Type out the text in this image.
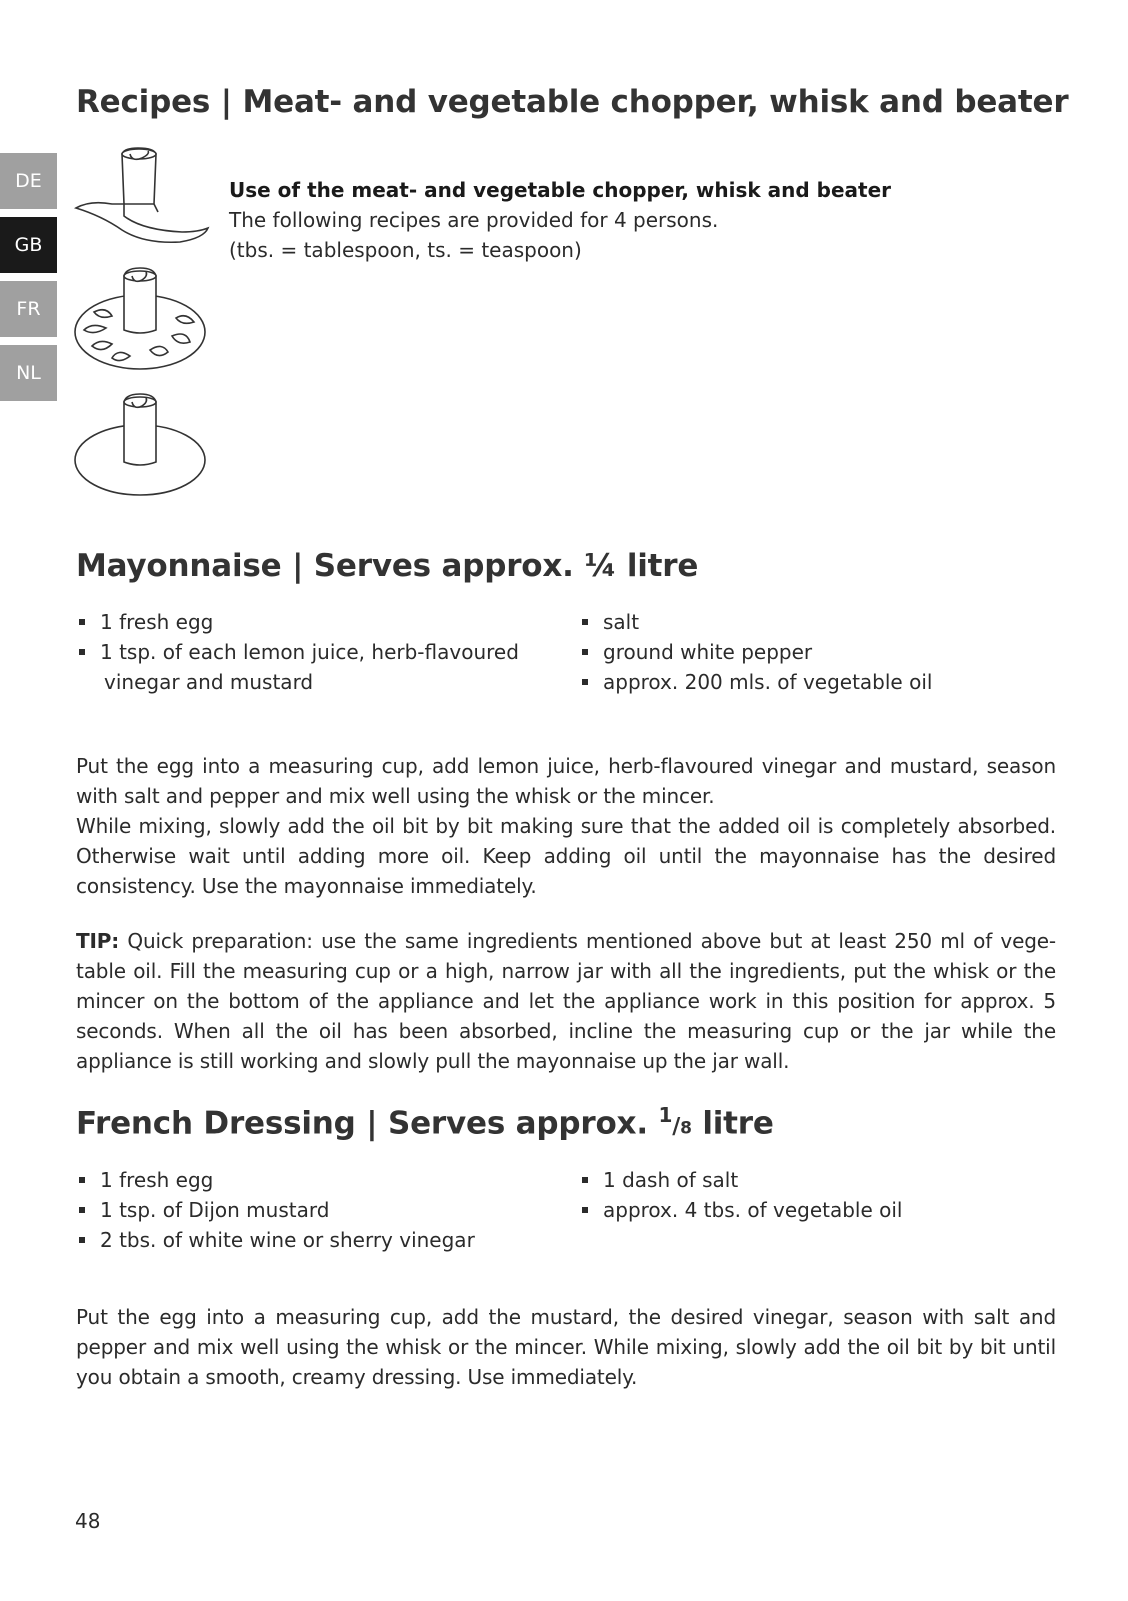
Recipes | Meat- and vegetable chopper, whisk and beater
DE
GB
FR
NL
Use of the meat- and vegetable chopper, whisk and beater
The following recipes are provided for 4 persons.
(tbs. = tablespoon, ts. = teaspoon)
Mayonnaise | Serves approx. ¼ litre
1 fresh egg
1 tsp. of each lemon juice, herb-flavoured
vinegar and mustard
salt
ground white pepper
approx. 200 mls. of vegetable oil

Put the egg into a measuring cup, add lemon juice, herb-flavoured vinegar and mustard, season with salt and pepper and mix well using the whisk or the mincer.
While mixing, slowly add the oil bit by bit making sure that the added oil is completely absorbed. Otherwise wait until adding more oil. Keep adding oil until the mayonnaise has the desired consistency. Use the mayonnaise immediately.

TIP: Quick preparation: use the same ingredients mentioned above but at least 250 ml of vege-table oil. Fill the measuring cup or a high, narrow jar with all the ingredients, put the whisk or the mincer on the bottom of the appliance and let the appliance work in this position for approx. 5 seconds. When all the oil has been absorbed, incline the measuring cup or the jar while the appliance is still working and slowly pull the mayonnaise up the jar wall.

French Dressing | Serves approx. $^1$/8 litre
1 fresh egg
1 tsp. of Dijon mustard
2 tbs. of white wine or sherry vinegar
1 dash of salt
approx. 4 tbs. of vegetable oil

Put the egg into a measuring cup, add the mustard, the desired vinegar, season with salt and pepper and mix well using the whisk or the mincer. While mixing, slowly add the oil bit by bit until you obtain a smooth, creamy dressing. Use immediately.

48
